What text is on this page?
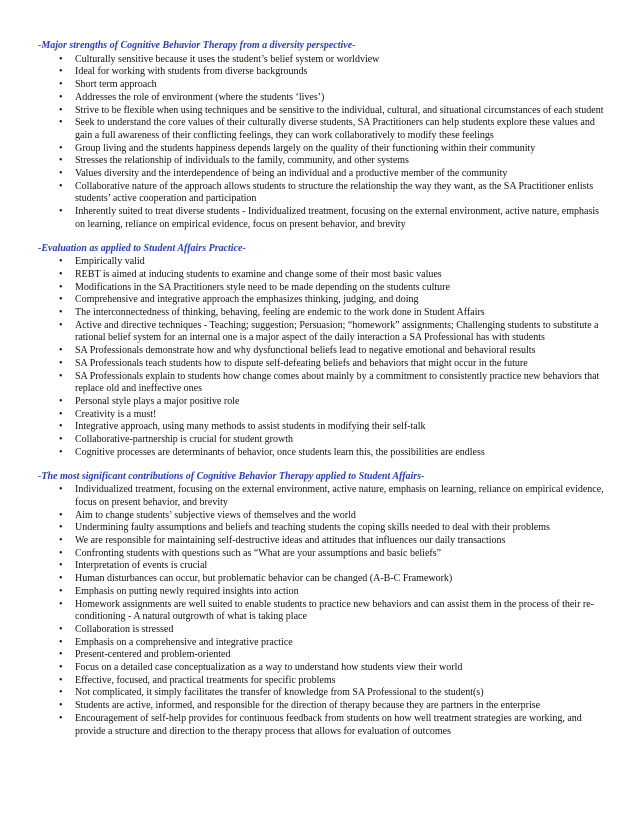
-Major strengths of Cognitive Behavior Therapy from a diversity perspective-

• Culturally sensitive because it uses the student’s belief system or worldview
• Ideal for working with students from diverse backgrounds
• Short term approach
• Addresses the role of environment (where the students ‘lives’)
• Strive to be flexible when using techniques and be sensitive to the individual, cultural, and situational circumstances of each student
• Seek to understand the core values of their culturally diverse students, SA Practitioners can help students explore these values and gain a full awareness of their conflicting feelings, they can work collaboratively to modify these feelings
• Group living and the students happiness depends largely on the quality of their functioning within their community
• Stresses the relationship of individuals to the family, community, and other systems
• Values diversity and the interdependence of being an individual and a productive member of the community
• Collaborative nature of the approach allows students to structure the relationship the way they want, as the SA Practitioner enlists students’ active cooperation and participation
• Inherently suited to treat diverse students - Individualized treatment, focusing on the external environment, active nature, emphasis on learning, reliance on empirical evidence, focus on present behavior, and brevity

-Evaluation as applied to Student Affairs Practice-

• Empirically valid
• REBT is aimed at inducing students to examine and change some of their most basic values
• Modifications in the SA Practitioners style need to be made depending on the students culture
• Comprehensive and integrative approach the emphasizes thinking, judging, and doing
• The interconnectedness of thinking, behaving, feeling are endemic to the work done in Student Affairs
• Active and directive techniques - Teaching; suggestion; Persuasion; “homework” assignments; Challenging students to substitute a rational belief system for an internal one is a major aspect of the daily interaction a SA Professional has with students
• SA Professionals demonstrate how and why dysfunctional beliefs lead to negative emotional and behavioral results
• SA Professionals teach students how to dispute self-defeating beliefs and behaviors that might occur in the future
• SA Professionals explain to students how change comes about mainly by a commitment to consistently practice new behaviors that replace old and ineffective ones
• Personal style plays a major positive role
• Creativity is a must!
• Integrative approach, using many methods to assist students in modifying their self-talk
• Collaborative-partnership is crucial for student growth
• Cognitive processes are determinants of behavior, once students learn this, the possibilities are endless

-The most significant contributions of Cognitive Behavior Therapy applied to Student Affairs-

• Individualized treatment, focusing on the external environment, active nature, emphasis on learning, reliance on empirical evidence, focus on present behavior, and brevity
• Aim to change students’ subjective views of themselves and the world
• Undermining faulty assumptions and beliefs and teaching students the coping skills needed to deal with their problems
• We are responsible for maintaining self-destructive ideas and attitudes that influences our daily transactions
• Confronting students with questions such as “What are your assumptions and basic beliefs”
• Interpretation of events is crucial
• Human disturbances can occur, but problematic behavior can be changed (A-B-C Framework)
• Emphasis on putting newly required insights into action
• Homework assignments are well suited to enable students to practice new behaviors and can assist them in the process of their re-conditioning - A natural outgrowth of what is taking place
• Collaboration is stressed
• Emphasis on a comprehensive and integrative practice
• Present-centered and problem-oriented
• Focus on a detailed case conceptualization as a way to understand how students view their world
• Effective, focused, and practical treatments for specific problems
• Not complicated, it simply facilitates the transfer of knowledge from SA Professional to the student(s)
• Students are active, informed, and responsible for the direction of therapy because they are partners in the enterprise
• Encouragement of self-help provides for continuous feedback from students on how well treatment strategies are working, and provide a structure and direction to the therapy process that allows for evaluation of outcomes
